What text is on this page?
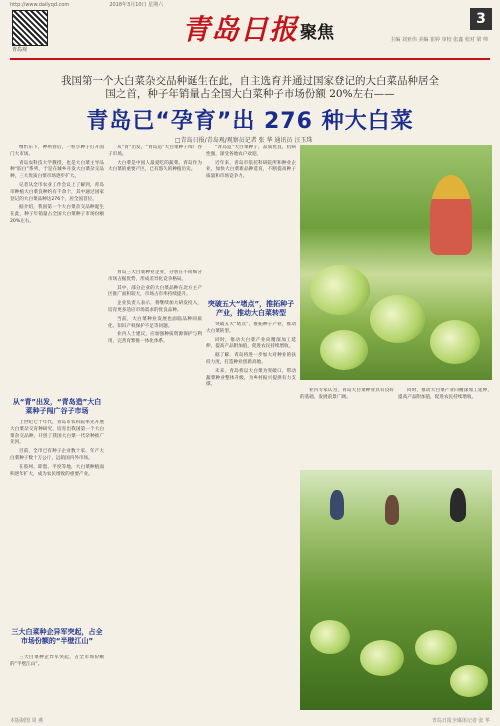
http://www.dailyqd.com	2018年3月10日 星期六
青岛观
青岛日报 聚焦
3
主编 刘亚伟 美编 崔婷 审校 张鑫 校对 梁 帅
我国第一个大白菜杂交品种诞生在此，自主选育并通过国家登记的大白菜品种居全国之首，种子年销量占全国大白菜种子市场份额 20%左右——
青岛已“孕育”出 276 种大白菜
□青岛日报/青岛观/观察员记者 张 华 通讯员 汪玉珠

继忻东下，神州春后，一粒小种子打开国门大市场。

青岛农科技大学教授，也是大白菜主导品种“胶白”系列，于是在城乡开发大白菜杂交品种，三大优质白菜市场逐步扩大。

记者从全市农业工作会议上了解到，青岛市种植大白菜良种约有千余个，其中通过国家登记的大白菜品种达276个，居全国首位。

据介绍，我国第一个大白菜杂交品种诞生在此，种子年销量占全国大白菜种子市场份额20%左右。

从“青”出发，“青岛造”大白菜种子闯广谷子市场。

大白菜是中国人最爱吃的蔬菜。青岛作为大白菜的重要产区，已有悠久的种植历史。

“青岛造”大白菜种子，品质优良，抗病性强，深受各地农户欢迎。

近年来，青岛市依托科研院所和种业企业，加快大白菜新品种选育，不断提高种子质量和市场竞争力。

从“青”出发，“青岛造”大白菜种子闯广谷子市场

上世纪七十年代，青岛市农科院率先开展大白菜杂交育种研究，培育出我国第一个大白菜杂交品种，开创了我国大白菜一代杂种推广先河。

目前，全市已有种子企业数十家，年产大白菜种子数十万公斤，远销国内外市场。

在胶州、即墨、平度等地，大白菜种植面积逐年扩大，成为农民增收的重要产业。

三大白菜种企异军突起，占全市场份额的“半壁江山”

三大白菜种企异军突起，占全市场份额的“半壁江山”。

青岛三大白菜种业企业，分别在不同细分市场占据优势，形成差异化竞争格局。

其中，部分企业的大白菜品种在北方主产区推广面积较大，市场占有率持续提升。

企业负责人表示，将继续加大研发投入，培育更多适应市场需求的优良品种。

当前，大白菜种业发展也面临品种同质化、知识产权保护不足等问题。

业内人士建议，应加强种质资源保护与利用，完善育繁推一体化体系。

突破五大“堵点”，推拓种子产业，推动大白菜转型

突破五大“堵点”，推拓种子产业，推动大白菜转型。

同时，推动大白菜产业向精深加工延伸，提高产品附加值，促进农民持续增收。

据了解，青岛将进一步加大对种业的扶持力度，打造种业创新高地。

未来，青岛将以大白菜为突破口，带动蔬菜种业整体升级，为乡村振兴提供有力支撑。

业内专家认为，青岛大白菜种业具有良好的基础，发展前景广阔。

同时，推动大白菜产业向精深加工延伸，提高产品附加值，促进农民持续增收。

本版制图 周 燕	青岛日报全媒体记者 张 华
